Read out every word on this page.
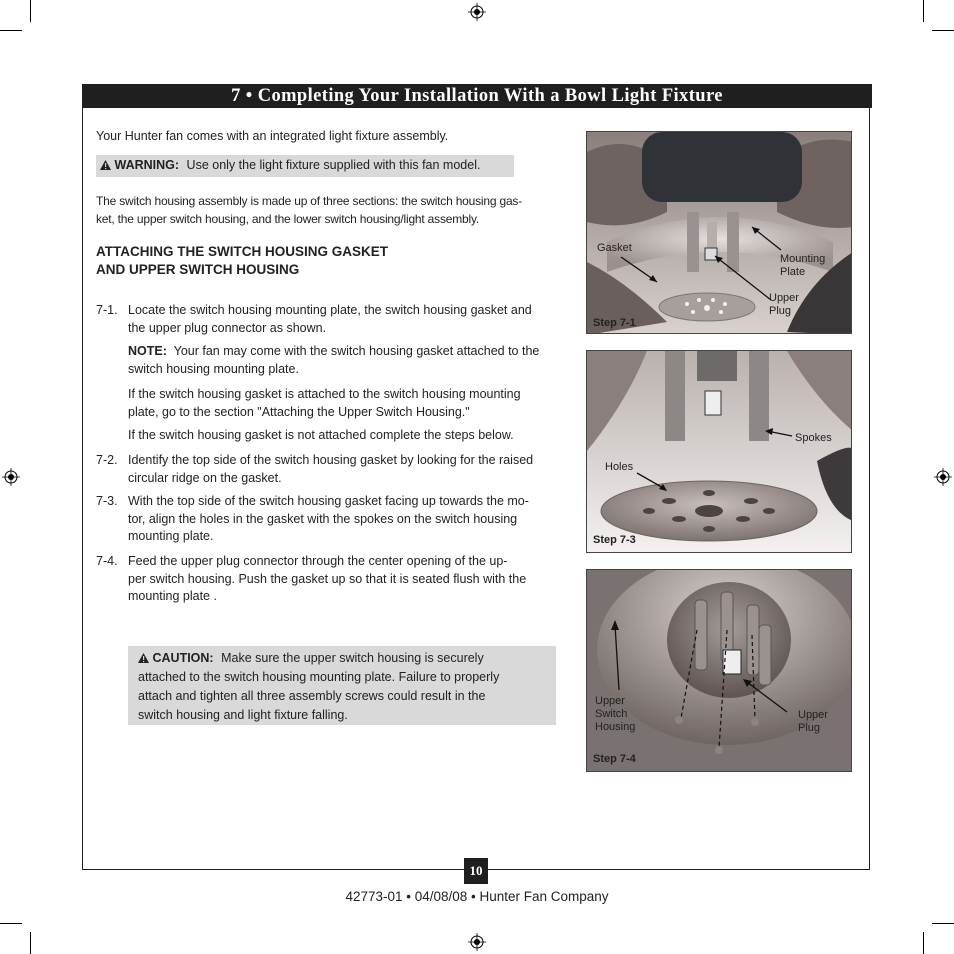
7 • Completing Your Installation With a Bowl Light Fixture
Your Hunter fan comes with an integrated light fixture assembly.
WARNING: Use only the light fixture supplied with this fan model.
The switch housing assembly is made up of three sections: the switch housing gas-
ket, the upper switch housing, and the lower switch housing/light assembly.
ATTACHING THE SWITCH HOUSING GASKET
AND UPPER SWITCH HOUSING
7-1. Locate the switch housing mounting plate, the switch housing gasket and
the upper plug connector as shown.
NOTE: Your fan may come with the switch housing gasket attached to the
switch housing mounting plate.
If the switch housing gasket is attached to the switch housing mounting
plate, go to the section "Attaching the Upper Switch Housing."
If the switch housing gasket is not attached complete the steps below.
7-2. Identify the top side of the switch housing gasket by looking for the raised
circular ridge on the gasket.
7-3. With the top side of the switch housing gasket facing up towards the mo-
tor, align the holes in the gasket with the spokes on the switch housing
mounting plate.
7-4. Feed the upper plug connector through the center opening of the up-
per switch housing. Push the gasket up so that it is seated flush with the
mounting plate .
CAUTION: Make sure the upper switch housing is securely
attached to the switch housing mounting plate. Failure to properly
attach and tighten all three assembly screws could result in the
switch housing and light fixture falling.
Gasket
Mounting
Plate
Upper
Plug
Step 7-1
Holes
Spokes
Step 7-3
Upper
Switch
Housing
Upper
Plug
Step 7-4
10
42773-01 • 04/08/08 • Hunter Fan Company
